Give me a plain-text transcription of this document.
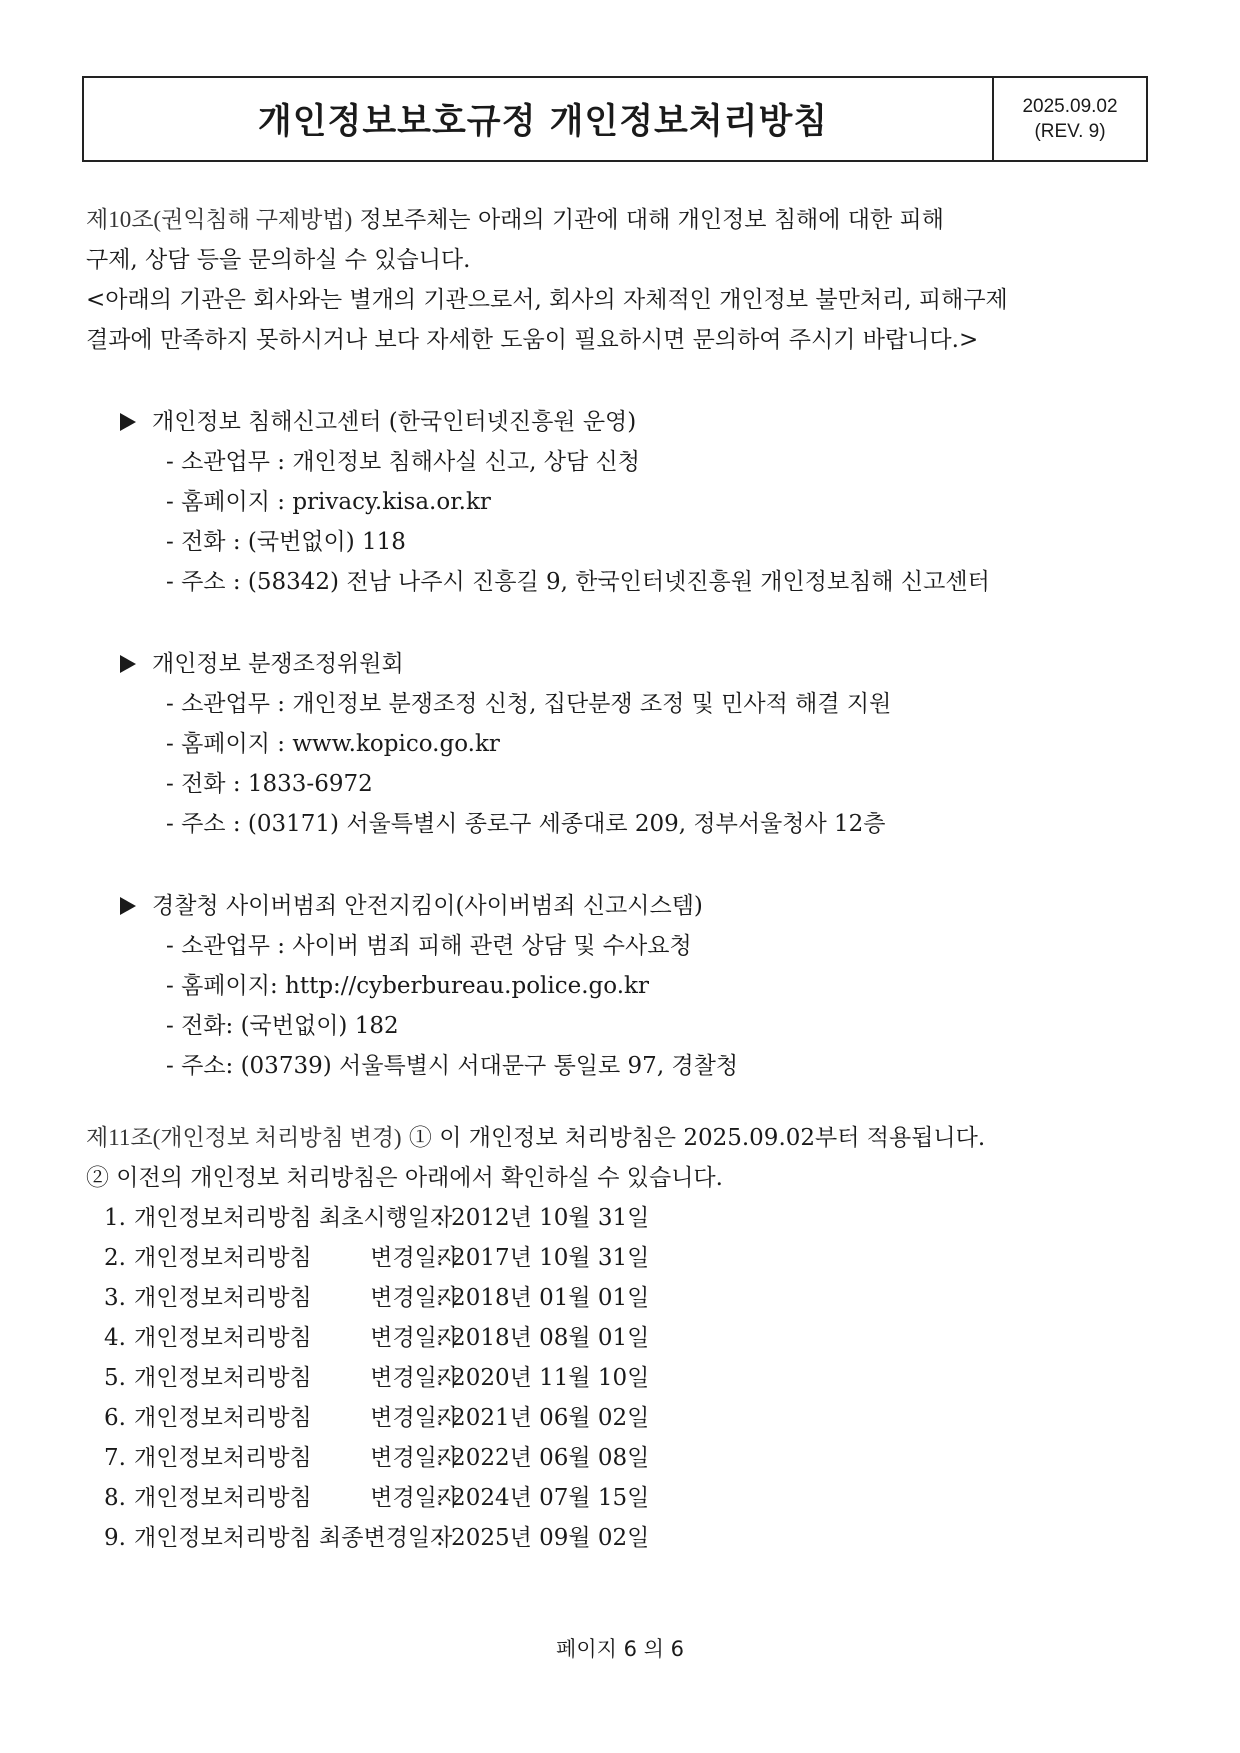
개인정보보호규정 개인정보처리방침	2025.09.02
(REV. 9)

제10조(권익침해 구제방법) 정보주체는 아래의 기관에 대해 개인정보 침해에 대한 피해

구제, 상담 등을 문의하실 수 있습니다.

<아래의 기관은 회사와는 별개의 기관으로서, 회사의 자체적인 개인정보 불만처리, 피해구제

결과에 만족하지 못하시거나 보다 자세한 도움이 필요하시면 문의하여 주시기 바랍니다.>

개인정보 침해신고센터 (한국인터넷진흥원 운영)
- 소관업무 : 개인정보 침해사실 신고, 상담 신청
- 홈페이지 : privacy.kisa.or.kr
- 전화 : (국번없이) 118
- 주소 : (58342) 전남 나주시 진흥길 9, 한국인터넷진흥원 개인정보침해 신고센터
개인정보 분쟁조정위원회
- 소관업무 : 개인정보 분쟁조정 신청, 집단분쟁 조정 및 민사적 해결 지원
- 홈페이지 : www.kopico.go.kr
- 전화 : 1833-6972
- 주소 : (03171) 서울특별시 종로구 세종대로 209, 정부서울청사 12층
경찰청 사이버범죄 안전지킴이(사이버범죄 신고시스템)
- 소관업무 : 사이버 범죄 피해 관련 상담 및 수사요청
- 홈페이지: http://cyberbureau.police.go.kr
- 전화: (국번없이) 182
- 주소: (03739) 서울특별시 서대문구 통일로 97, 경찰청

제11조(개인정보 처리방침 변경) ① 이 개인정보 처리방침은 2025.09.02부터 적용됩니다.

② 이전의 개인정보 처리방침은 아래에서 확인하실 수 있습니다.

1. 개인정보처리방침 최초시행일자
: 2012년 10월 31일
2. 개인정보처리방침        변경일자
: 2017년 10월 31일
3. 개인정보처리방침        변경일자
: 2018년 01월 01일
4. 개인정보처리방침        변경일자
: 2018년 08월 01일
5. 개인정보처리방침        변경일자
: 2020년 11월 10일
6. 개인정보처리방침        변경일자
: 2021년 06월 02일
7. 개인정보처리방침        변경일자
: 2022년 06월 08일
8. 개인정보처리방침        변경일자
: 2024년 07월 15일
9. 개인정보처리방침 최종변경일자
: 2025년 09월 02일
페이지 6 의 6
